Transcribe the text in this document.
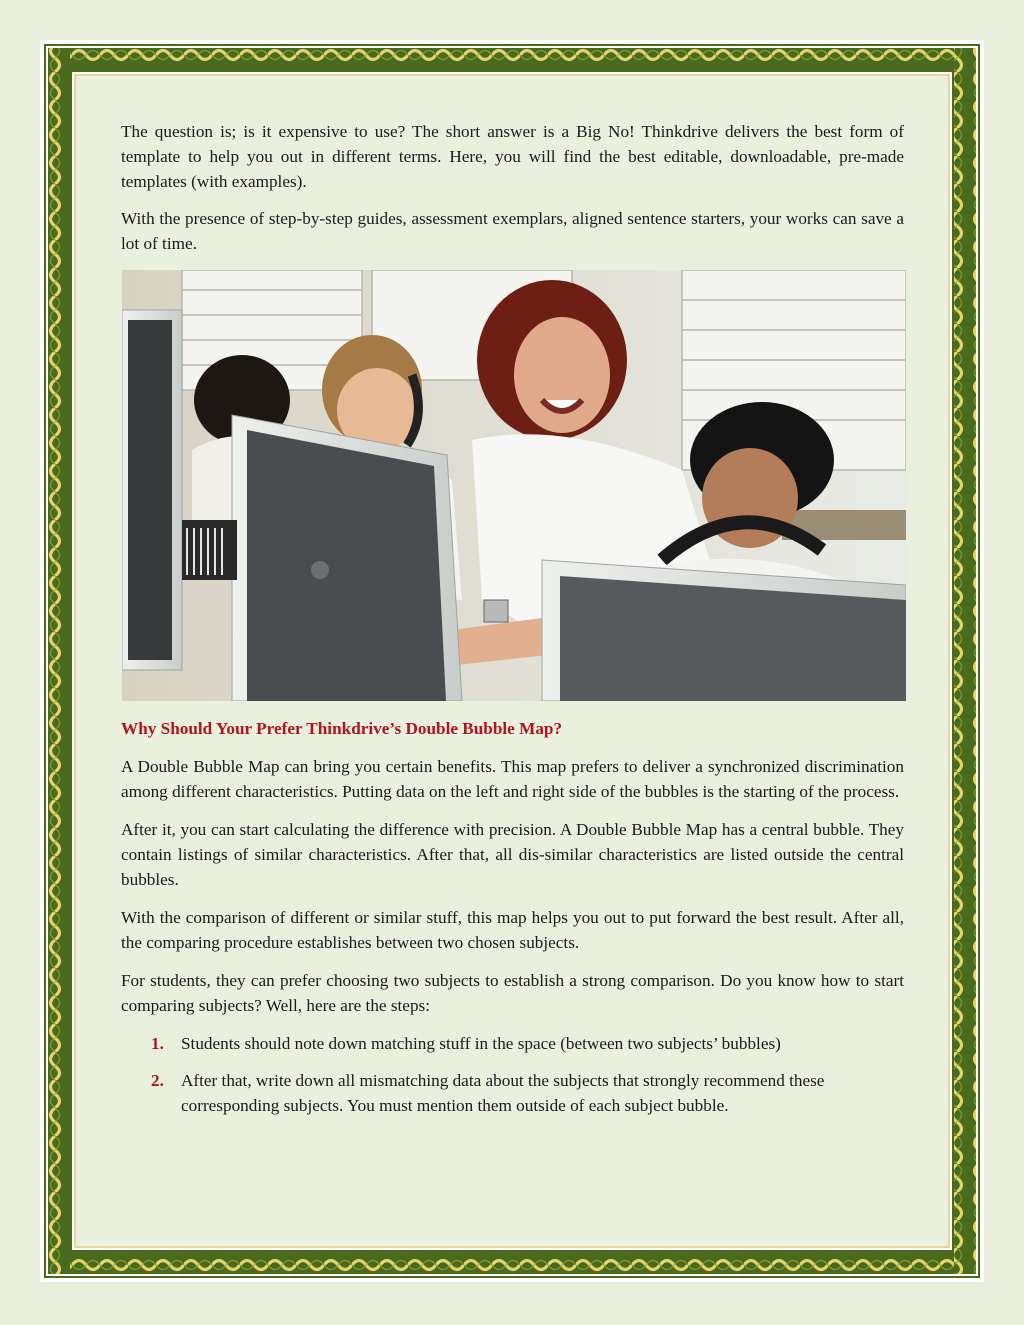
The question is; is it expensive to use? The short answer is a Big No! Thinkdrive delivers the best form of template to help you out in different terms. Here, you will find the best editable, downloadable, pre-made templates (with examples).

With the presence of step-by-step guides, assessment exemplars, aligned sentence starters, your works can save a lot of time.

Why Should Your Prefer Thinkdrive’s Double Bubble Map?

A Double Bubble Map can bring you certain benefits. This map prefers to deliver a synchronized discrimination among different characteristics. Putting data on the left and right side of the bubbles is the starting of the process.

After it, you can start calculating the difference with precision. A Double Bubble Map has a central bubble. They contain listings of similar characteristics. After that, all dis-similar characteristics are listed outside the central bubbles.

With the comparison of different or similar stuff, this map helps you out to put forward the best result. After all, the comparing procedure establishes between two chosen subjects.

For students, they can prefer choosing two subjects to establish a strong comparison. Do you know how to start comparing subjects? Well, here are the steps:

1. Students should note down matching stuff in the space (between two subjects’ bubbles)
2. After that, write down all mismatching data about the subjects that strongly recommend these corresponding subjects. You must mention them outside of each subject bubble.
